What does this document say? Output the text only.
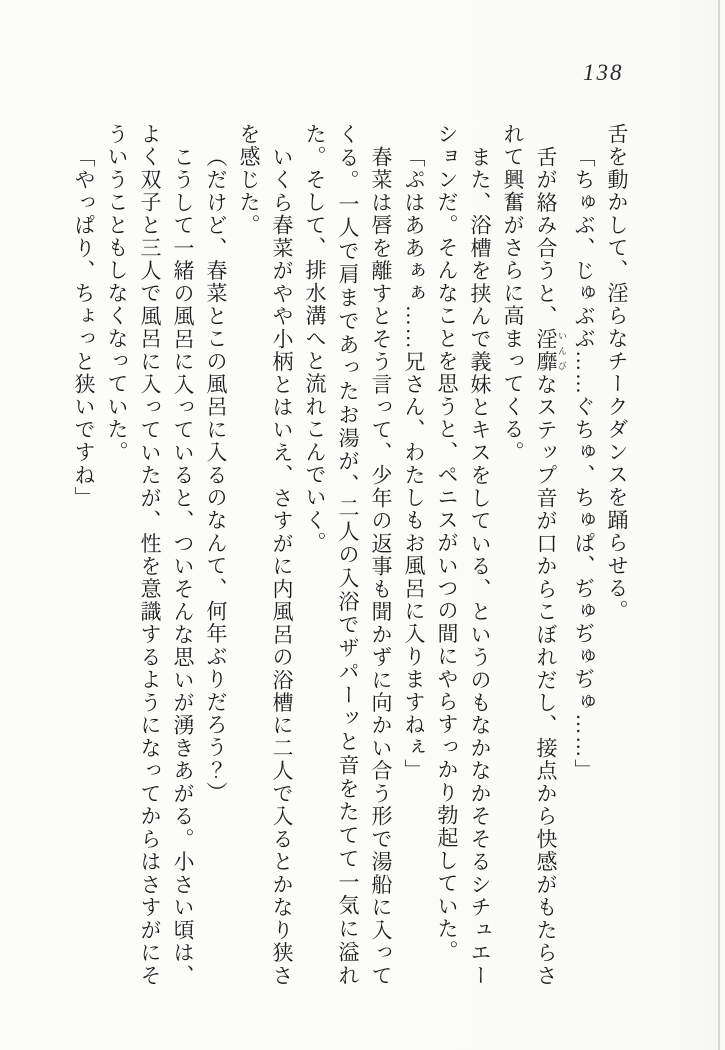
138

舌を動かして、淫らなチークダンスを踊らせる。

「ちゅぶ、じゅぶぶ……ぐちゅ、ちゅぱ、ぢゅぢゅぢゅ……」

舌が絡み合うと、淫靡 いんびなステップ音が口からこぼれだし、接点から快感がもたらされて興奮がさらに高まってくる。

また、浴槽を挟んで義妹とキスをしている、というのもなかなかそそるシチュエーションだ。そんなことを思うと、ペニスがいつの間にやらすっかり勃起していた。

「ぷはああぁぁ……兄さん、わたしもお風呂に入りますねぇ」

春菜は唇を離すとそう言って、少年の返事も聞かずに向かい合う形で湯船に入ってくる。一人で肩まであったお湯が、二人の入浴でザパーッと音をたてて一気に溢れた。そして、排水溝へと流れこんでいく。

いくら春菜がやや小柄とはいえ、さすがに内風呂の浴槽に二人で入るとかなり狭さを感じた。

（だけど、春菜とこの風呂に入るのなんて、何年ぶりだろう？）

こうして一緒の風呂に入っていると、ついそんな思いが湧きあがる。小さい頃は、よく双子と三人で風呂に入っていたが、性を意識するようになってからはさすがにそういうこともしなくなっていた。

「やっぱり、ちょっと狭いですね」
